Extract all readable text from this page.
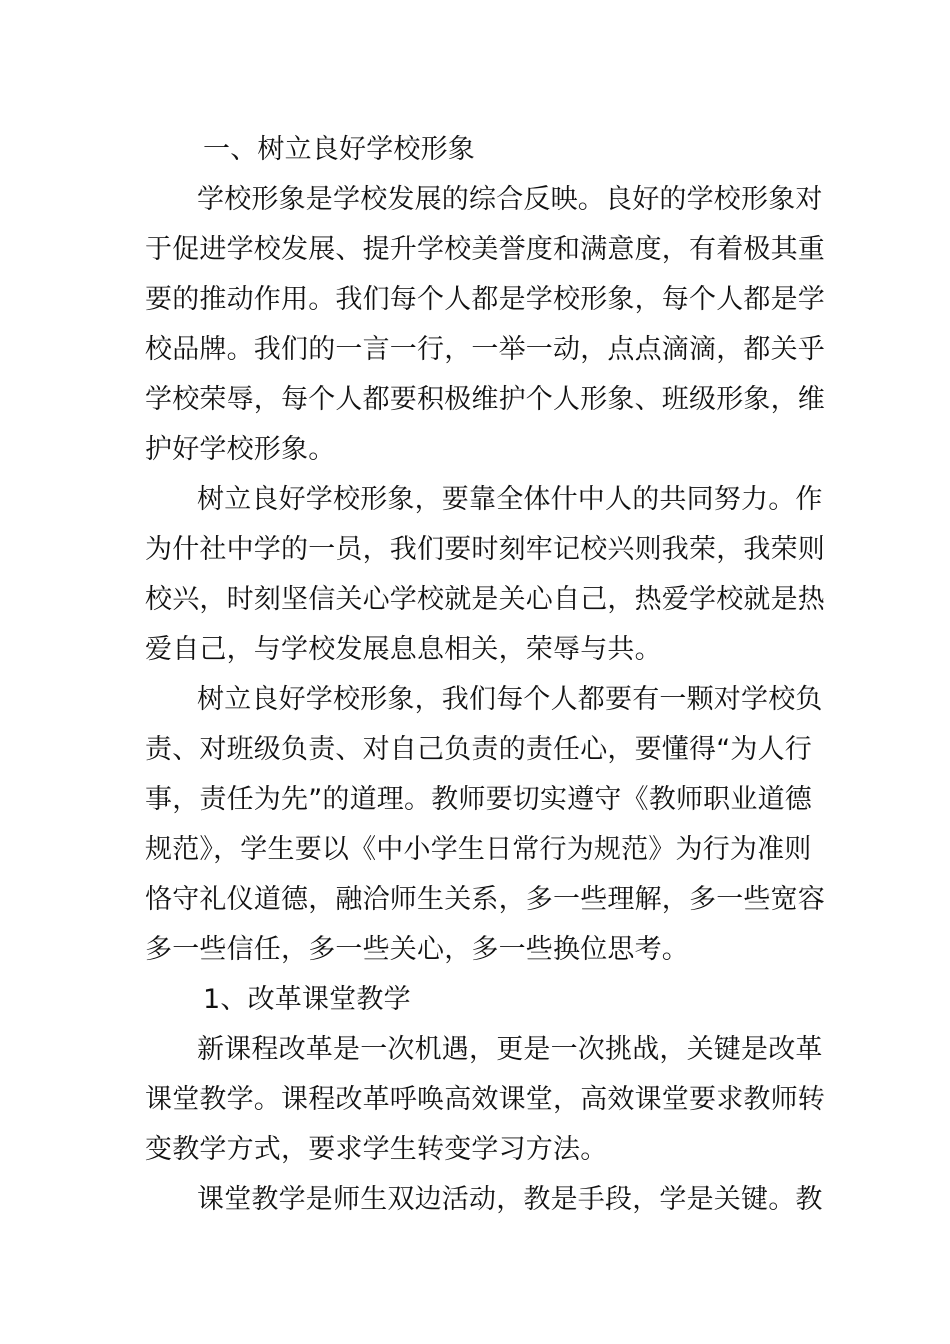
一、树立良好学校形象
学校形象是学校发展的综合反映。良好的学校形象对
于促进学校发展、提升学校美誉度和满意度，有着极其重
要的推动作用。我们每个人都是学校形象，每个人都是学
校品牌。我们的一言一行，一举一动，点点滴滴，都关乎
学校荣辱，每个人都要积极维护个人形象、班级形象，维
护好学校形象。
树立良好学校形象，要靠全体什中人的共同努力。作
为什社中学的一员，我们要时刻牢记校兴则我荣，我荣则
校兴，时刻坚信关心学校就是关心自己，热爱学校就是热
爱自己，与学校发展息息相关，荣辱与共。
树立良好学校形象，我们每个人都要有一颗对学校负
责、对班级负责、对自己负责的责任心，要懂得“为人行
事，责任为先”的道理。教师要切实遵守《教师职业道德
规范》，学生要以《中小学生日常行为规范》为行为准则
恪守礼仪道德，融洽师生关系，多一些理解，多一些宽容
多一些信任，多一些关心，多一些换位思考。
1、改革课堂教学
新课程改革是一次机遇，更是一次挑战，关键是改革
课堂教学。课程改革呼唤高效课堂，高效课堂要求教师转
变教学方式，要求学生转变学习方法。
课堂教学是师生双边活动，教是手段，学是关键。教
